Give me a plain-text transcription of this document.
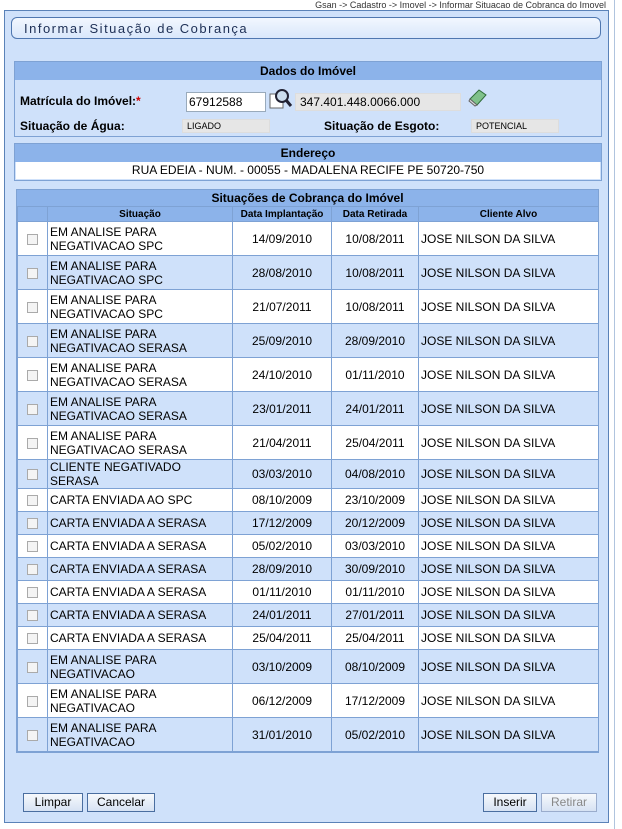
Gsan -> Cadastro -> Imovel -> Informar Situacao de Cobranca do Imovel
Informar Situação de Cobrança
Dados do Imóvel
Matrícula do Imóvel:*	67912588	347.401.448.0066.000
Situação de Água:	LIGADO	Situação de Esgoto:	POTENCIAL
Endereço
RUA EDEIA - NUM. - 00055 - MADALENA RECIFE PE 50720-750
Situações de Cobrança do Imóvel
	Situação	Data Implantação	Data Retirada	Cliente Alvo

	EM ANALISE PARA
NEGATIVACAO SPC	14/09/2010	10/08/2011	JOSE NILSON DA SILVA

	EM ANALISE PARA
NEGATIVACAO SPC	28/08/2010	10/08/2011	JOSE NILSON DA SILVA

	EM ANALISE PARA
NEGATIVACAO SPC	21/07/2011	10/08/2011	JOSE NILSON DA SILVA

	EM ANALISE PARA
NEGATIVACAO SERASA	25/09/2010	28/09/2010	JOSE NILSON DA SILVA

	EM ANALISE PARA
NEGATIVACAO SERASA	24/10/2010	01/11/2010	JOSE NILSON DA SILVA

	EM ANALISE PARA
NEGATIVACAO SERASA	23/01/2011	24/01/2011	JOSE NILSON DA SILVA

	EM ANALISE PARA
NEGATIVACAO SERASA	21/04/2011	25/04/2011	JOSE NILSON DA SILVA

	CLIENTE NEGATIVADO SERASA	03/03/2010	04/08/2010	JOSE NILSON DA SILVA

	CARTA ENVIADA AO SPC	08/10/2009	23/10/2009	JOSE NILSON DA SILVA

	CARTA ENVIADA A SERASA	17/12/2009	20/12/2009	JOSE NILSON DA SILVA

	CARTA ENVIADA A SERASA	05/02/2010	03/03/2010	JOSE NILSON DA SILVA

	CARTA ENVIADA A SERASA	28/09/2010	30/09/2010	JOSE NILSON DA SILVA

	CARTA ENVIADA A SERASA	01/11/2010	01/11/2010	JOSE NILSON DA SILVA

	CARTA ENVIADA A SERASA	24/01/2011	27/01/2011	JOSE NILSON DA SILVA

	CARTA ENVIADA A SERASA	25/04/2011	25/04/2011	JOSE NILSON DA SILVA

	EM ANALISE PARA
NEGATIVACAO	03/10/2009	08/10/2009	JOSE NILSON DA SILVA

	EM ANALISE PARA
NEGATIVACAO	06/12/2009	17/12/2009	JOSE NILSON DA SILVA

	EM ANALISE PARA
NEGATIVACAO	31/01/2010	05/02/2010	JOSE NILSON DA SILVA
Limpar	Cancelar	Inserir	Retirar
